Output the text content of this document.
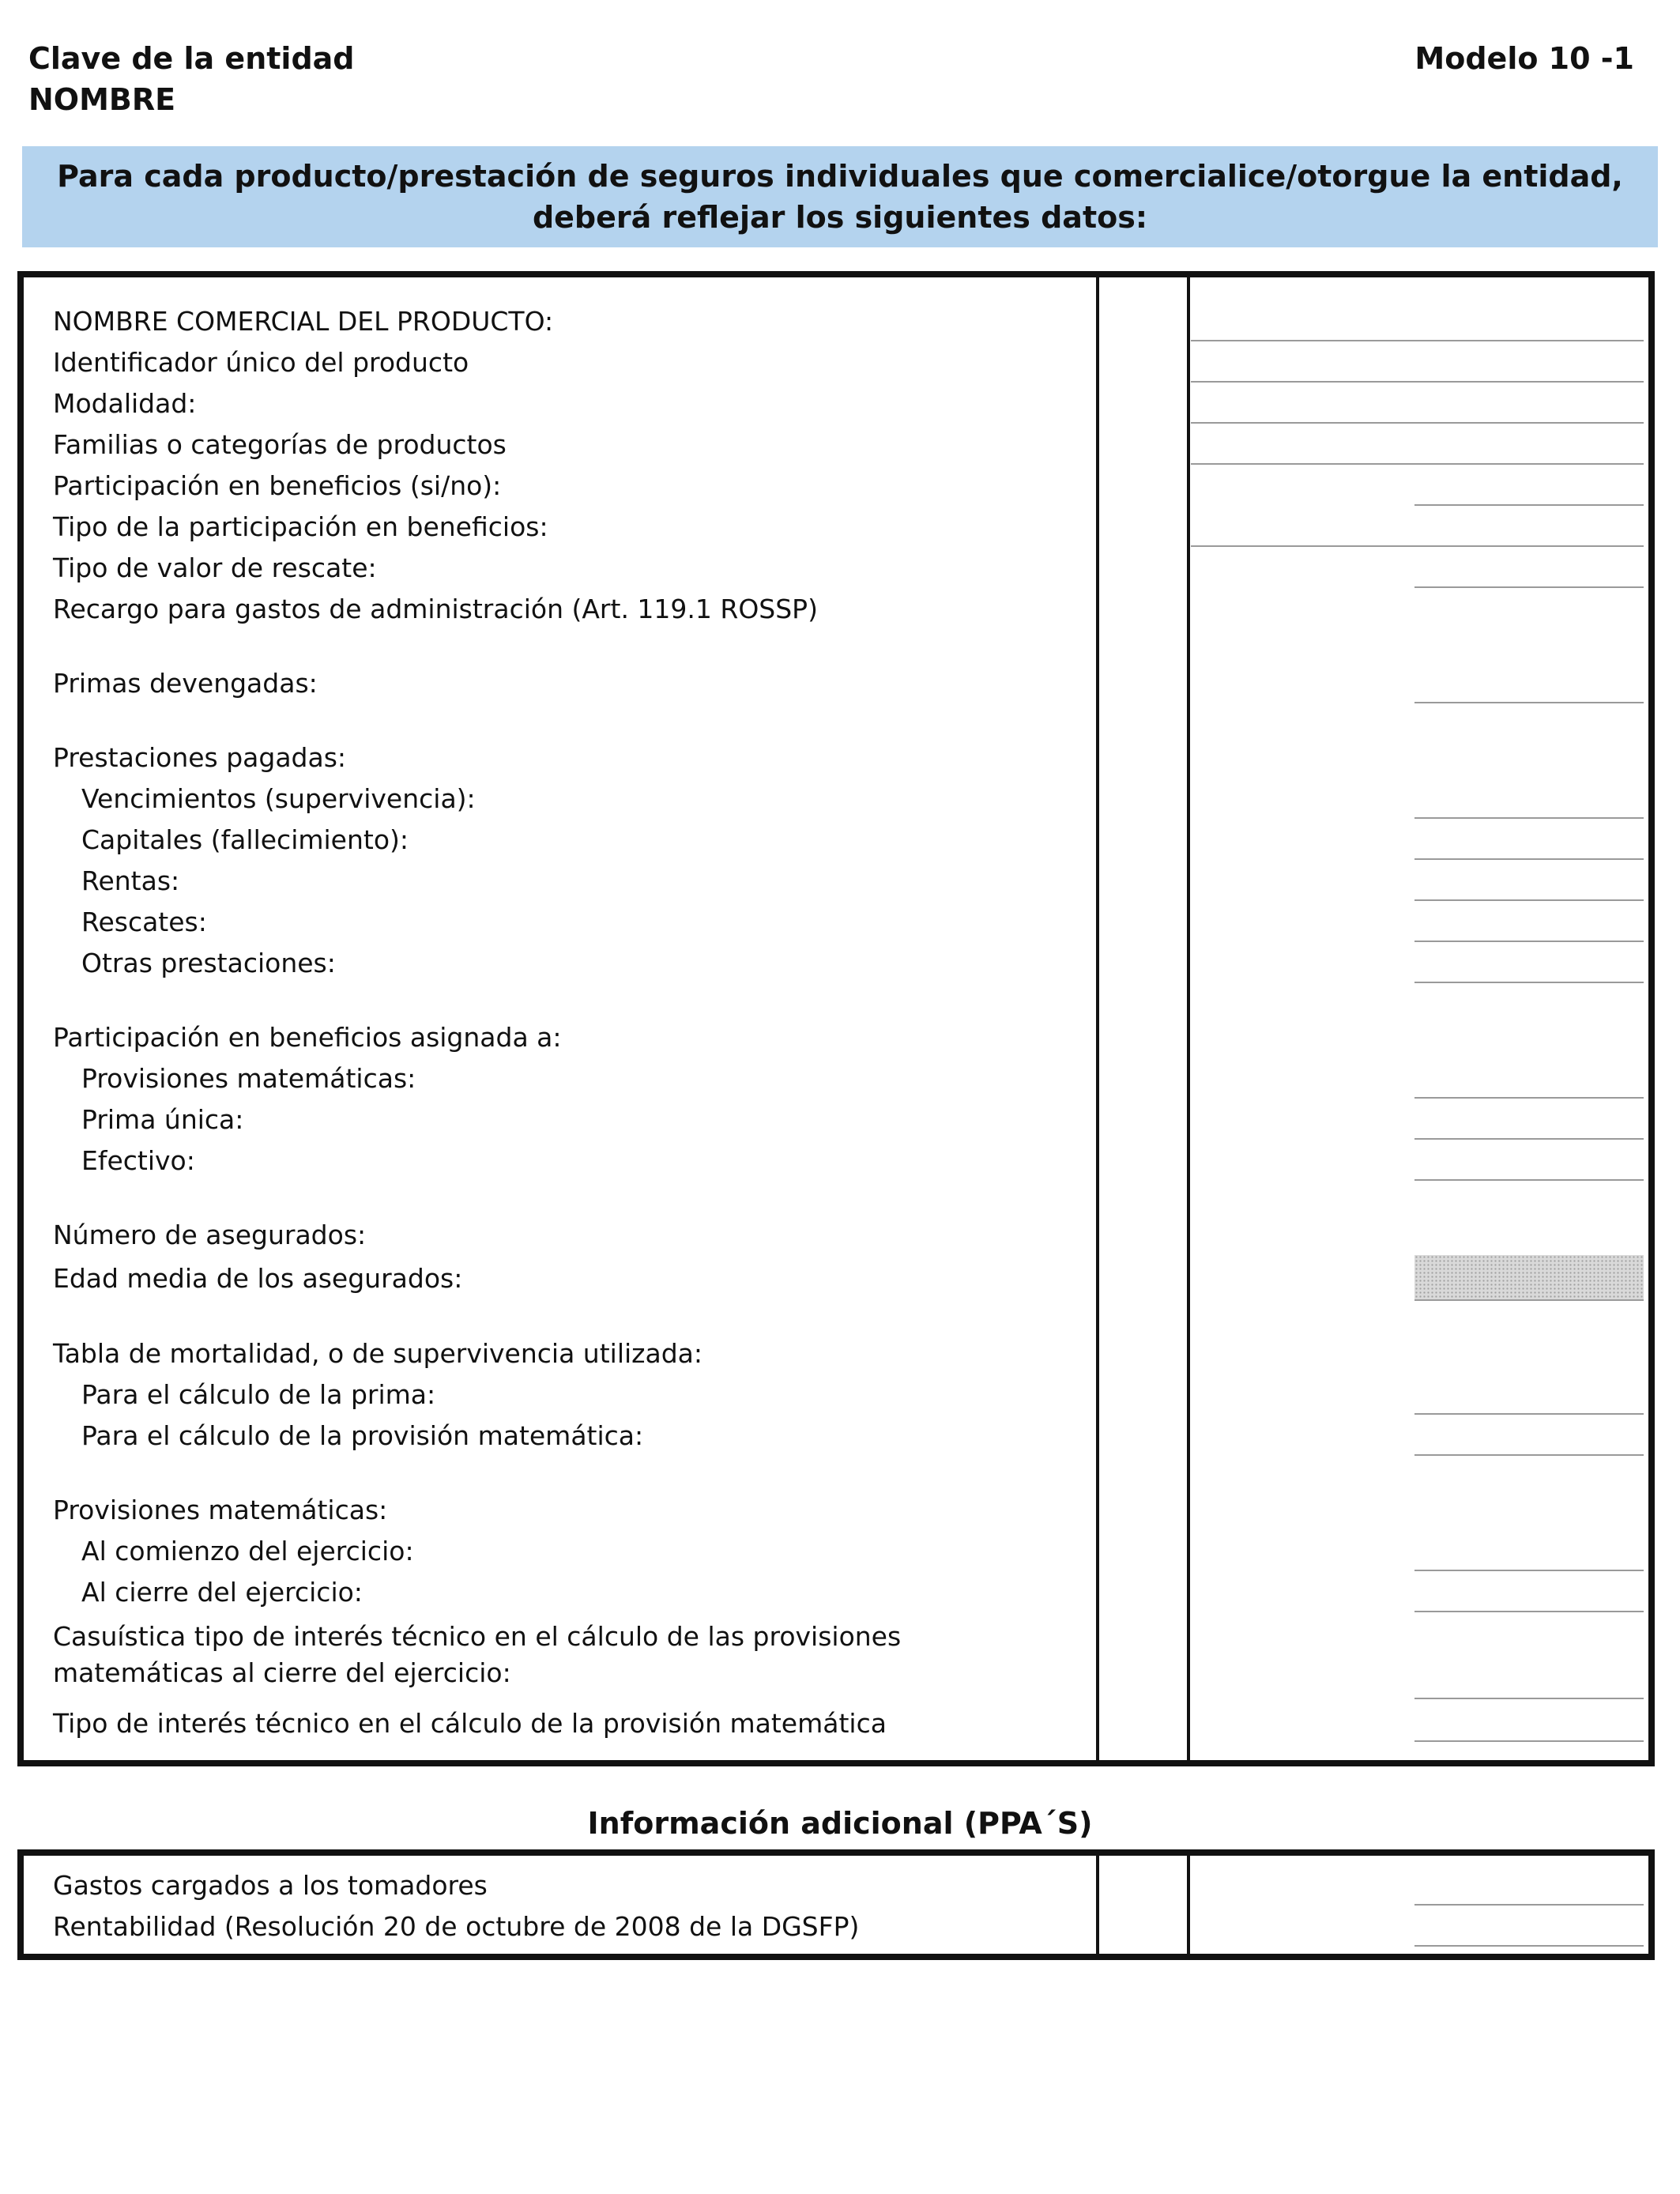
Clave de la entidad
NOMBRE
Modelo 10 -1
Para cada producto/prestación de seguros individuales que comercialice/otorgue la entidad,
deberá reflejar los siguientes datos:
NOMBRE COMERCIAL DEL PRODUCTO:
Identificador único del producto
Modalidad:
Familias o categorías de productos
Participación en beneficios (si/no):
Tipo de la participación en beneficios:
Tipo de valor de rescate:
Recargo para gastos de administración (Art. 119.1 ROSSP)
Primas devengadas:
Prestaciones pagadas:
Vencimientos (supervivencia):
Capitales (fallecimiento):
Rentas:
Rescates:
Otras prestaciones:
Participación en beneficios asignada a:
Provisiones matemáticas:
Prima única:
Efectivo:
Número de asegurados:
Edad media de los asegurados:
Tabla de mortalidad, o de supervivencia utilizada:
Para el cálculo de la prima:
Para el cálculo de la provisión matemática:
Provisiones matemáticas:
Al comienzo del ejercicio:
Al cierre del ejercicio:
Casuística tipo de interés técnico en el cálculo de las provisiones
matemáticas al cierre del ejercicio:
Tipo de interés técnico en el cálculo de la provisión matemática
Información adicional (PPA´S)
Gastos cargados a los tomadores
Rentabilidad (Resolución 20 de octubre de 2008 de la DGSFP)
